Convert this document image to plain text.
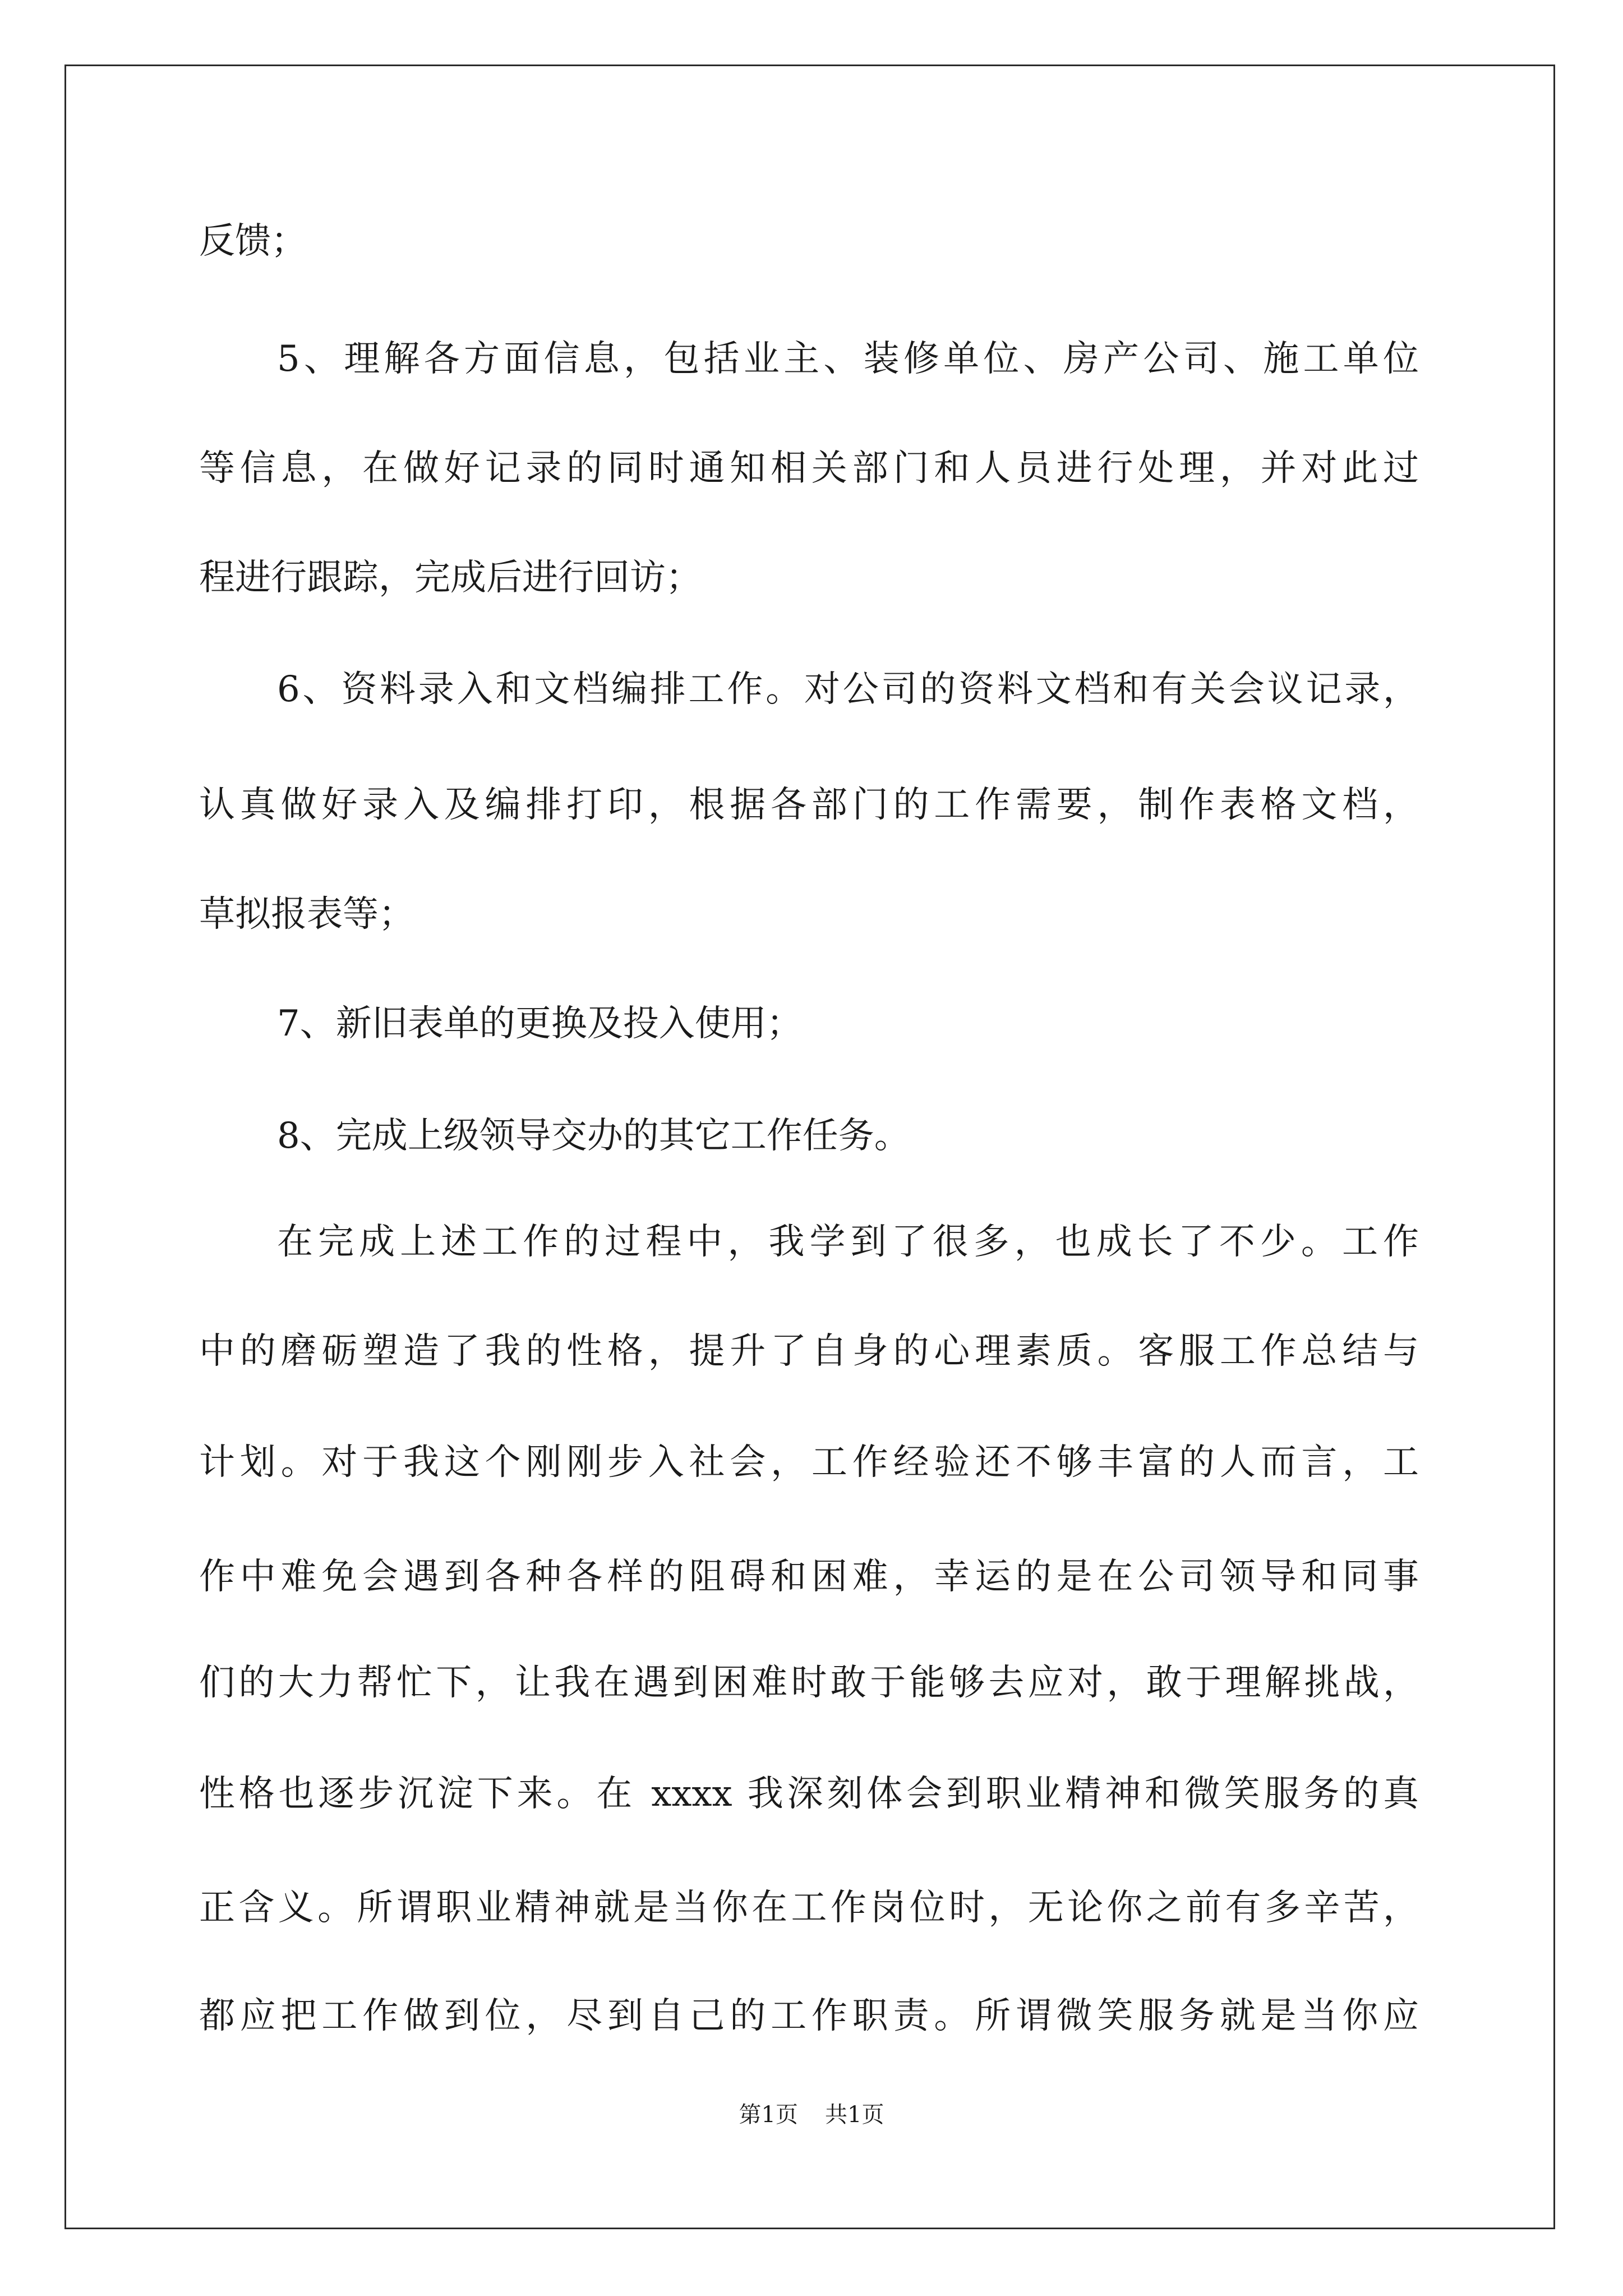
反馈；

5、理解各方面信息，包括业主、装修单位、房产公司、施工单位

等信息，在做好记录的同时通知相关部门和人员进行处理，并对此过

程进行跟踪，完成后进行回访；

6、资料录入和文档编排工作。对公司的资料文档和有关会议记录，

认真做好录入及编排打印，根据各部门的工作需要，制作表格文档，

草拟报表等；

7、新旧表单的更换及投入使用；

8、完成上级领导交办的其它工作任务。

在完成上述工作的过程中，我学到了很多，也成长了不少。工作

中的磨砺塑造了我的性格，提升了自身的心理素质。客服工作总结与

计划。对于我这个刚刚步入社会，工作经验还不够丰富的人而言，工

作中难免会遇到各种各样的阻碍和困难，幸运的是在公司领导和同事

们的大力帮忙下，让我在遇到困难时敢于能够去应对，敢于理解挑战，

性格也逐步沉淀下来。在 xxxx 我深刻体会到职业精神和微笑服务的真

正含义。所谓职业精神就是当你在工作岗位时，无论你之前有多辛苦，

都应把工作做到位，尽到自己的工作职责。所谓微笑服务就是当你应

第1页 共1页
